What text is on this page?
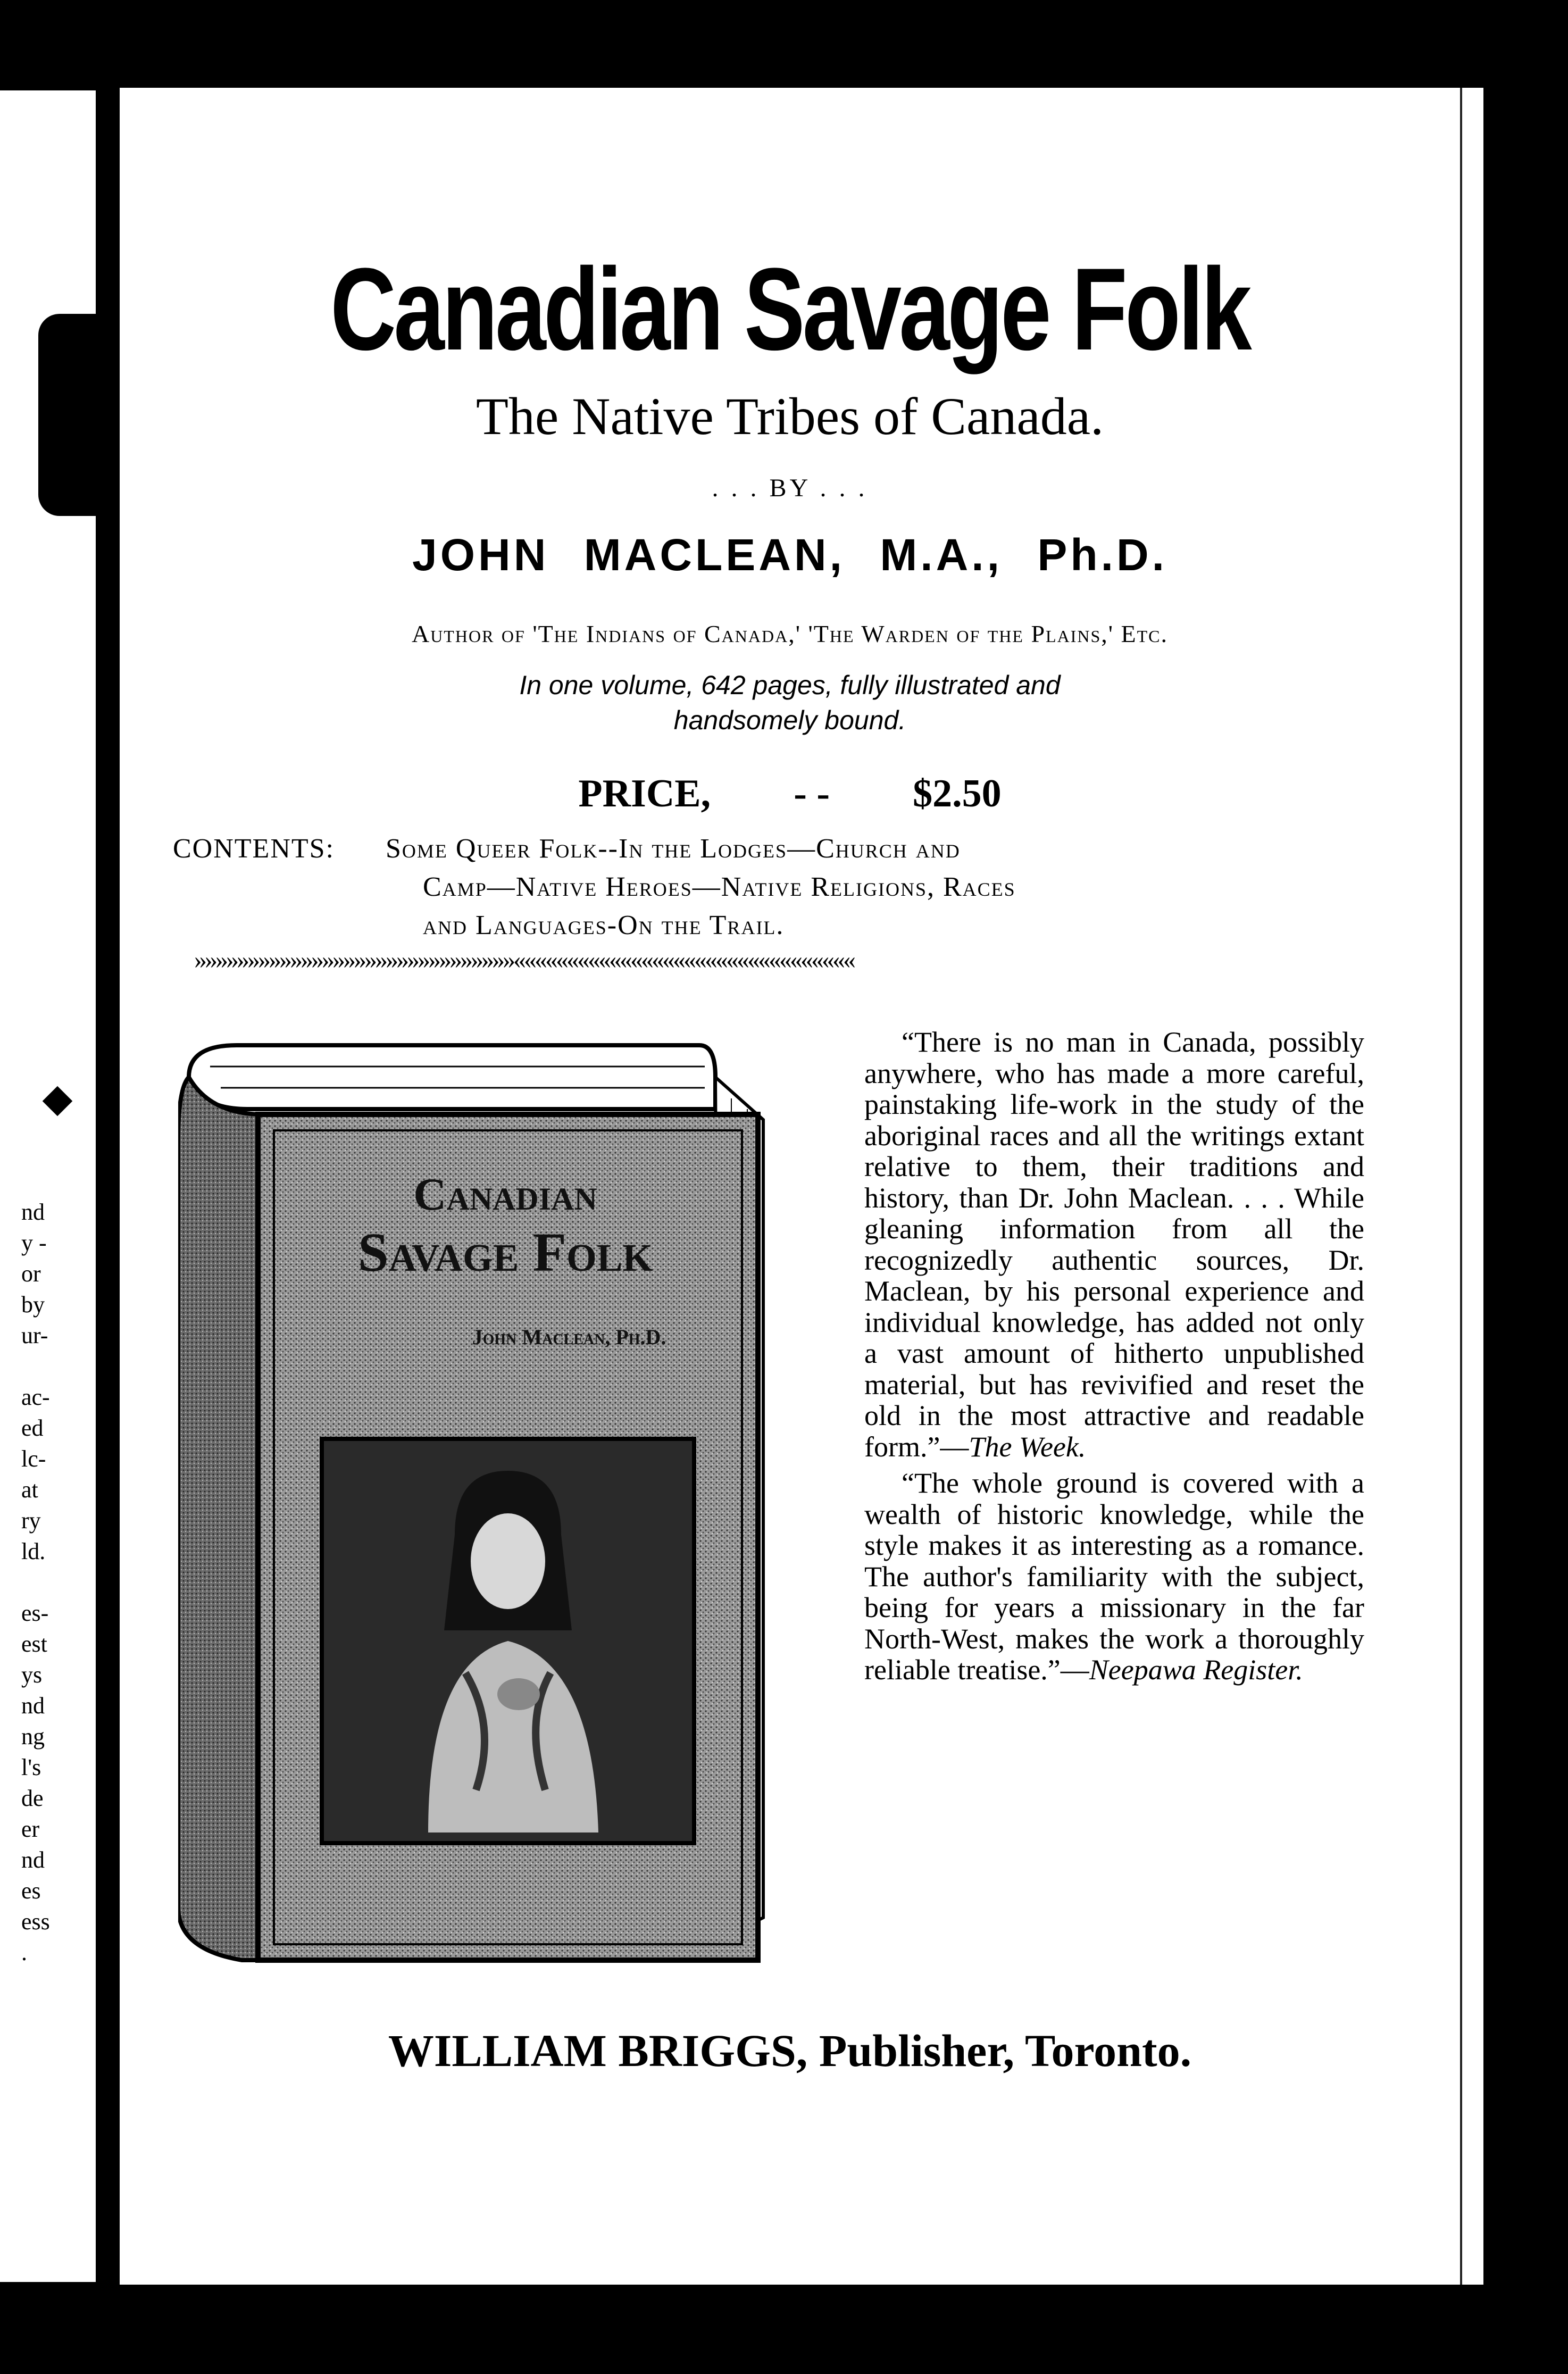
nd
y -
or
by
ur-
ac-
ed
lc-
at
ry
ld.
es-
est
ys
nd
ng
l's
de
er
nd
es
ess
.
Canadian Savage Folk
The Native Tribes of Canada.
. . . BY . . .
JOHN MACLEAN, M.A., Ph.D.
Author of 'The Indians of Canada,' 'The Warden of the Plains,' Etc.
In one volume, 642 pages, fully illustrated and
handsomely bound.
PRICE, - - $2.50
CONTENTS: Some Queer Folk--In the Lodges—Church and
Camp—Native Heroes—Native Religions, Races
and Languages-On the Trail.
»»»»»»»»»»»»»»»»»»»»»»»»»»»»»»««««««««««««««««««««««««««««««««
Canadian
Savage Folk
John Maclean, Ph.D.

“There is no man in Canada, possibly anywhere, who has made a more careful, painstaking life-work in the study of the aboriginal races and all the writings extant relative to them, their traditions and history, than Dr. John Maclean. . . . While gleaning information from all the recognizedly authentic sources, Dr. Maclean, by his personal experience and individual knowledge, has added not only a vast amount of hitherto unpublished material, but has revivified and reset the old in the most attractive and readable form.”—The Week.

“The whole ground is covered with a wealth of historic knowledge, while the style makes it as interesting as a romance. The author's familiarity with the subject, being for years a missionary in the far North-West, makes the work a thoroughly reliable treatise.”—Neepawa Register.

WILLIAM BRIGGS, Publisher, Toronto.
